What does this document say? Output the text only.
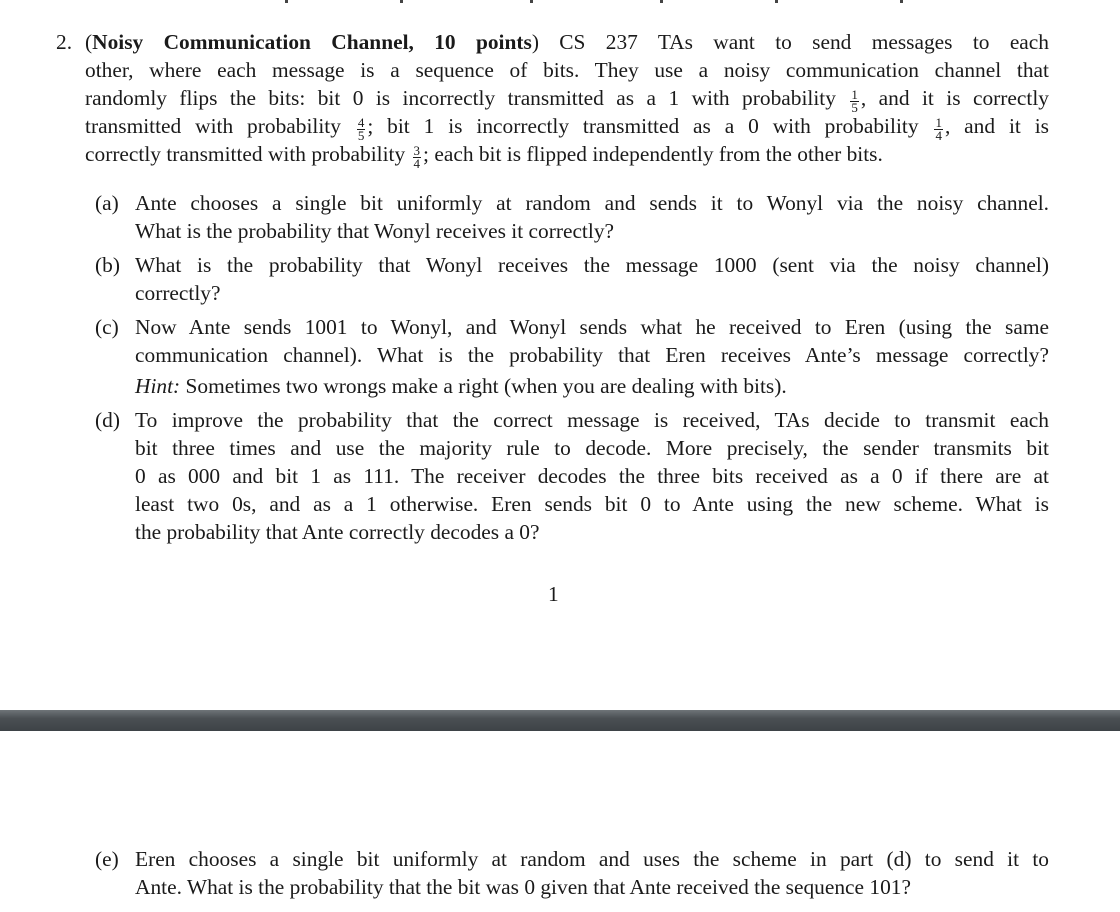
2. (Noisy Communication Channel, 10 points) CS 237 TAs want to send messages to each
other, where each message is a sequence of bits. They use a noisy communication channel that
randomly flips the bits: bit 0 is incorrectly transmitted as a 1 with probability $\frac{1}{5}$ , and it is correctly
transmitted with probability $\frac{4}{5}$ ; bit 1 is incorrectly transmitted as a 0 with probability $\frac{1}{4}$ , and it is
correctly transmitted with probability $\frac{3}{4}$ ; each bit is flipped independently from the other bits.
(a) Ante chooses a single bit uniformly at random and sends it to Wonyl via the noisy channel.
What is the probability that Wonyl receives it correctly?
(b) What is the probability that Wonyl receives the message 1000 (sent via the noisy channel)
correctly?
(c) Now Ante sends 1001 to Wonyl, and Wonyl sends what he received to Eren (using the same
communication channel). What is the probability that Eren receives Ante’s message correctly?
Hint: Sometimes two wrongs make a right (when you are dealing with bits).
(d) To improve the probability that the correct message is received, TAs decide to transmit each
bit three times and use the majority rule to decode. More precisely, the sender transmits bit
0 as 000 and bit 1 as 111. The receiver decodes the three bits received as a 0 if there are at
least two 0s, and as a 1 otherwise. Eren sends bit 0 to Ante using the new scheme. What is
the probability that Ante correctly decodes a 0?
1
(e) Eren chooses a single bit uniformly at random and uses the scheme in part (d) to send it to
Ante. What is the probability that the bit was 0 given that Ante received the sequence 101?
